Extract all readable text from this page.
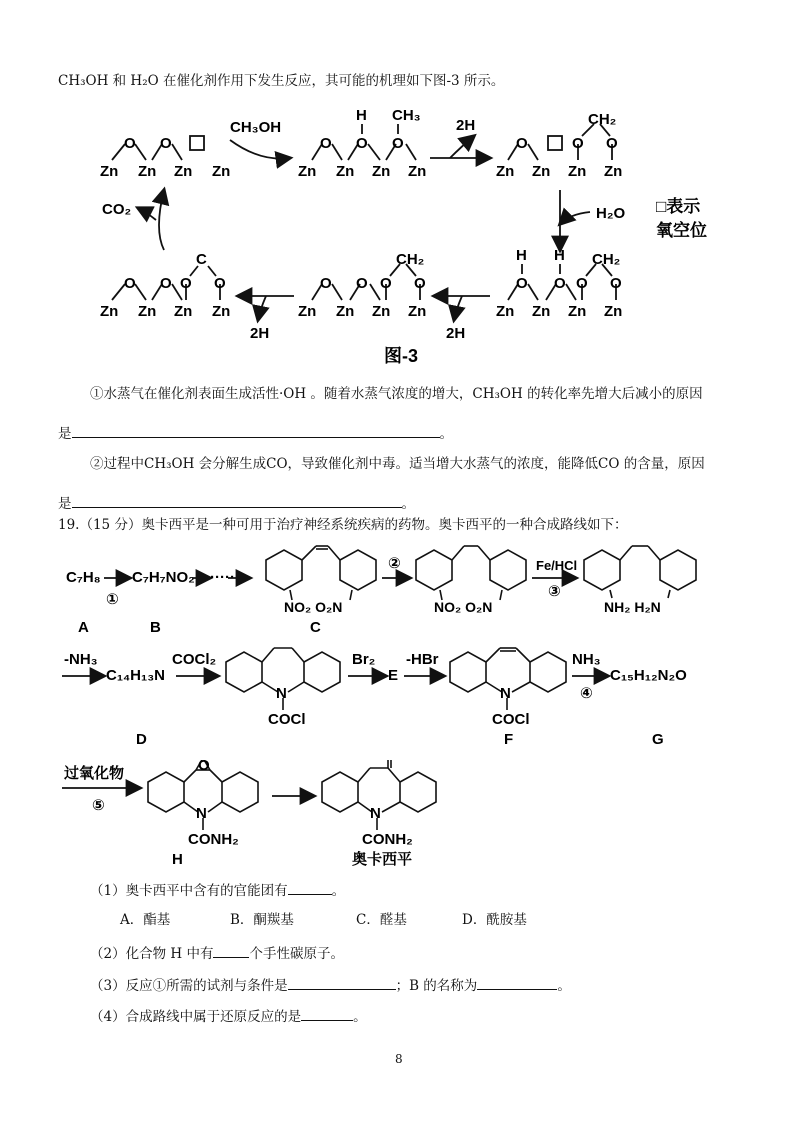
CH₃OH 和 H₂O 在催化剂作用下发生反应，其可能的机理如下图-3 所示。
Zn Zn Zn Zn
O O
CH₃OH
Zn Zn Zn Zn
O O O
H CH₃
2H
Zn Zn Zn Zn
O	O O
CH₂
H₂O □表示
氧空位
Zn Zn Zn Zn
O O O O
H H CH₂
2H
Zn Zn Zn Zn
O O O O
CH₂
2H
Zn Zn Zn Zn
O O O O
C
CO₂
图-3
①水蒸气在催化剂表面生成活性·OH 。随着水蒸气浓度的增大，CH₃OH 的转化率先增大后减小的原因
是	。
②过程中CH₃OH 会分解生成CO，导致催化剂中毒。适当增大水蒸气的浓度，能降低CO 的含量，原因
是	。
19.（15 分）奥卡西平是一种可用于治疗神经系统疾病的药物。奥卡西平的一种合成路线如下：
C₇H₈
①
C₇H₇NO₂ ······
NO₂ O₂N
C
②
NO₂ O₂N
Fe/HCl
③
NH₂ H₂N
A	B
-NH₃
C₁₄H₁₃N
COCl₂
N
COCl
Br₂
E
-HBr
N
COCl
F
NH₃
④
C₁₅H₁₂N₂O
D	G
过氧化物
⑤
O
N
CONH₂
H
N
CONH₂
奥卡西平
（1）奥卡西平中含有的官能团有	。
A．酯基	B．酮羰基	C．醛基	D．酰胺基
（2）化合物 H 中有	个手性碳原子。
（3）反应①所需的试剂与条件是	；B 的名称为	。
（4）合成路线中属于还原反应的是	。
8
